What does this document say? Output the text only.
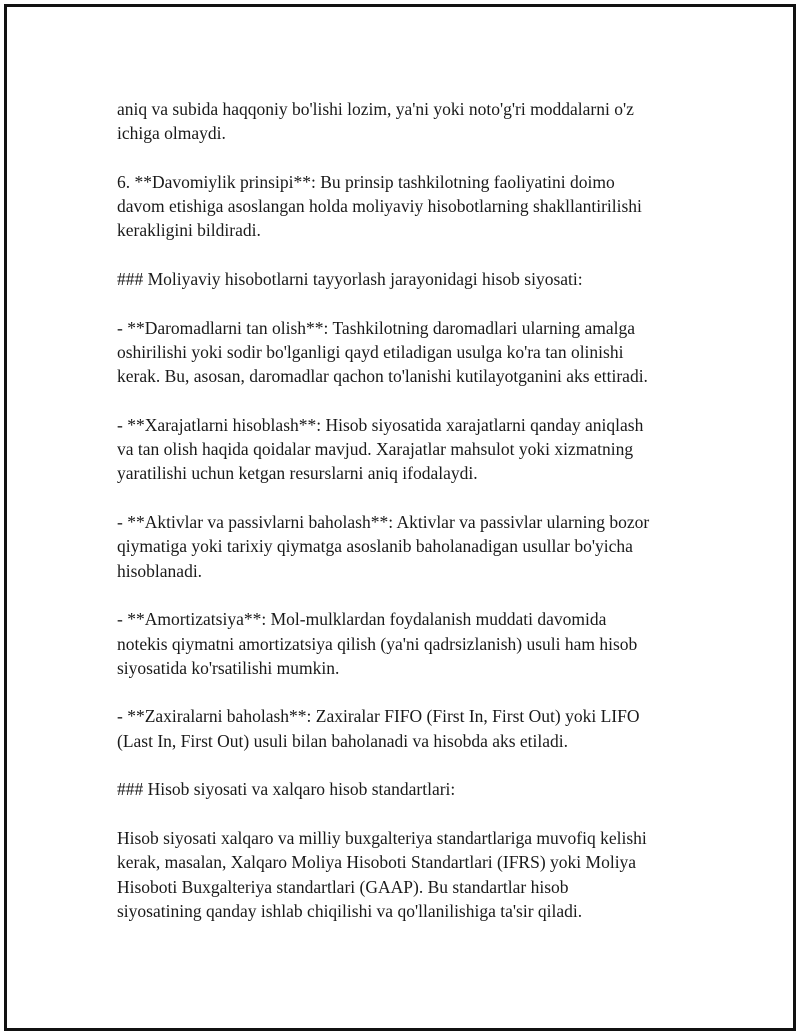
aniq va subida haqqoniy bo'lishi lozim, ya'ni yoki noto'g'ri moddalarni o'z
ichiga olmaydi.

6. **Davomiylik prinsipi**: Bu prinsip tashkilotning faoliyatini doimo
davom etishiga asoslangan holda moliyaviy hisobotlarning shakllantirilishi
kerakligini bildiradi.

### Moliyaviy hisobotlarni tayyorlash jarayonidagi hisob siyosati:

- **Daromadlarni tan olish**: Tashkilotning daromadlari ularning amalga
oshirilishi yoki sodir bo'lganligi qayd etiladigan usulga ko'ra tan olinishi
kerak. Bu, asosan, daromadlar qachon to'lanishi kutilayotganini aks ettiradi.

- **Xarajatlarni hisoblash**: Hisob siyosatida xarajatlarni qanday aniqlash
va tan olish haqida qoidalar mavjud. Xarajatlar mahsulot yoki xizmatning
yaratilishi uchun ketgan resurslarni aniq ifodalaydi.

- **Aktivlar va passivlarni baholash**: Aktivlar va passivlar ularning bozor
qiymatiga yoki tarixiy qiymatga asoslanib baholanadigan usullar bo'yicha
hisoblanadi.

- **Amortizatsiya**: Mol-mulklardan foydalanish muddati davomida
notekis qiymatni amortizatsiya qilish (ya'ni qadrsizlanish) usuli ham hisob
siyosatida ko'rsatilishi mumkin.

- **Zaxiralarni baholash**: Zaxiralar FIFO (First In, First Out) yoki LIFO
(Last In, First Out) usuli bilan baholanadi va hisobda aks etiladi.

### Hisob siyosati va xalqaro hisob standartlari:

Hisob siyosati xalqaro va milliy buxgalteriya standartlariga muvofiq kelishi
kerak, masalan, Xalqaro Moliya Hisoboti Standartlari (IFRS) yoki Moliya
Hisoboti Buxgalteriya standartlari (GAAP). Bu standartlar hisob
siyosatining qanday ishlab chiqilishi va qo'llanilishiga ta'sir qiladi.
